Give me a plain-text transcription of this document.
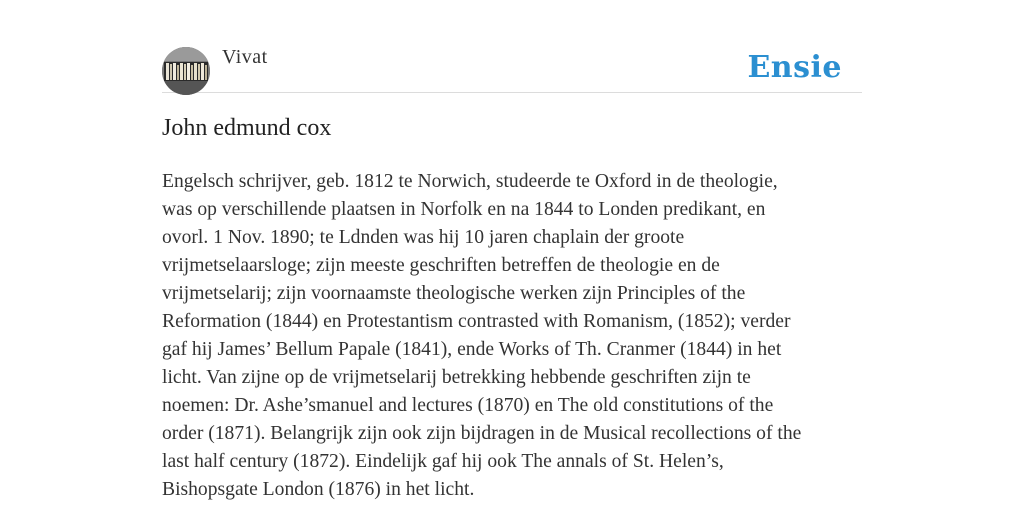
Vivat	Ensie
John edmund cox

Engelsch schrijver, geb. 1812 te Norwich, studeerde te Oxford in de theologie,
was op verschillende plaatsen in Norfolk en na 1844 to Londen predikant, en
ovorl. 1 Nov. 1890; te Ldnden was hij 10 jaren chaplain der groote
vrijmetselaarsloge; zijn meeste geschriften betreffen de theologie en de
vrijmetselarij; zijn voornaamste theologische werken zijn Principles of the
Reformation (1844) en Protestantism contrasted with Romanism, (1852); verder
gaf hij James’ Bellum Papale (1841), ende Works of Th. Cranmer (1844) in het
licht. Van zijne op de vrijmetselarij betrekking hebbende geschriften zijn te
noemen: Dr. Ashe’smanuel and lectures (1870) en The old constitutions of the
order (1871). Belangrijk zijn ook zijn bijdragen in de Musical recollections of the
last half century (1872). Eindelijk gaf hij ook The annals of St. Helen’s,
Bishopsgate London (1876) in het licht.
